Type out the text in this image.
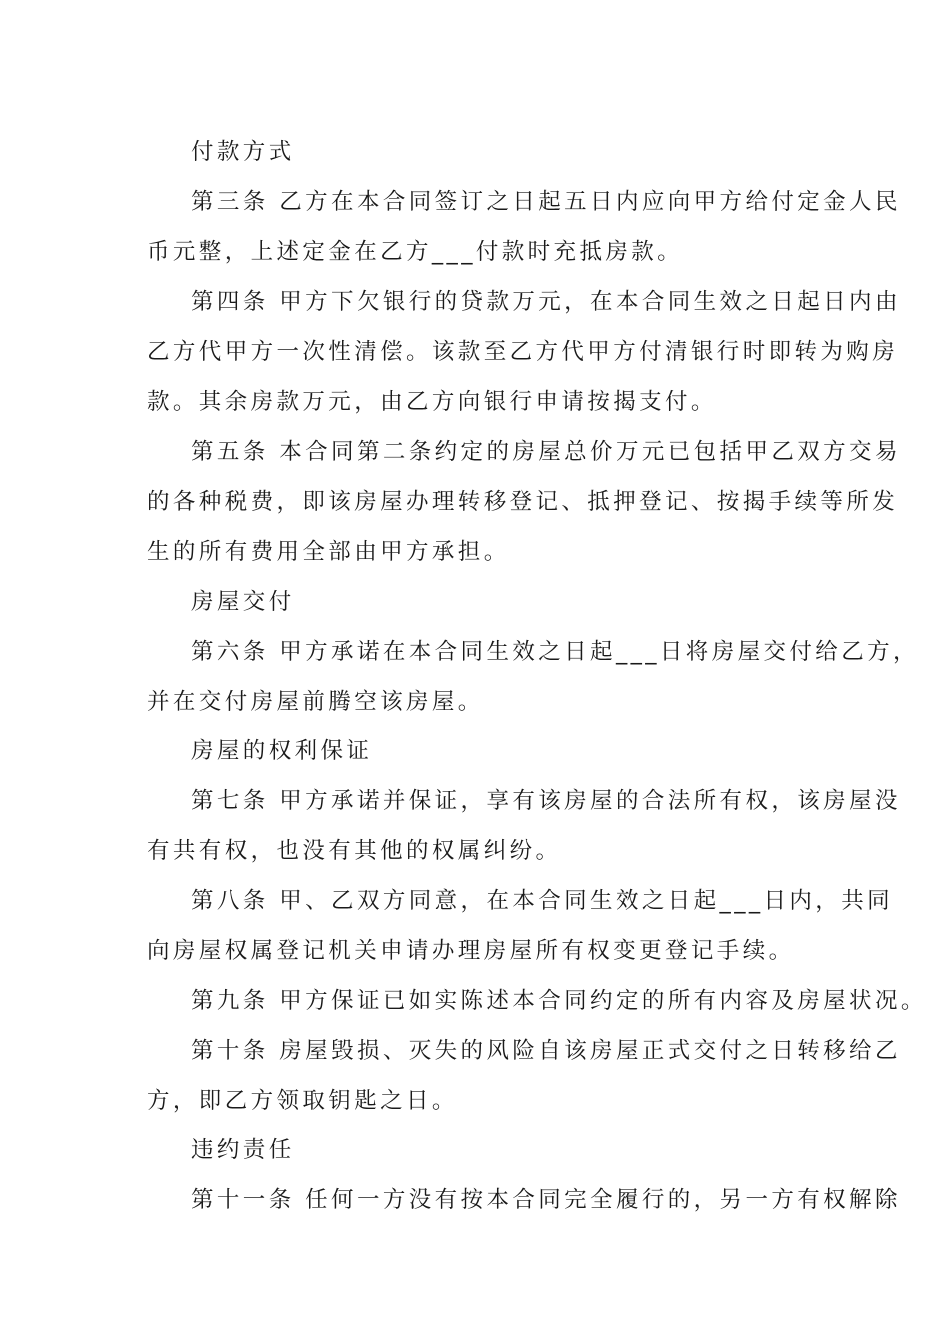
付款方式
第三条 乙方在本合同签订之日起五日内应向甲方给付定金人民
币元整，上述定金在乙方___付款时充抵房款。
第四条 甲方下欠银行的贷款万元，在本合同生效之日起日内由
乙方代甲方一次性清偿。该款至乙方代甲方付清银行时即转为购房
款。其余房款万元，由乙方向银行申请按揭支付。
第五条 本合同第二条约定的房屋总价万元已包括甲乙双方交易
的各种税费，即该房屋办理转移登记、抵押登记、按揭手续等所发
生的所有费用全部由甲方承担。
房屋交付
第六条 甲方承诺在本合同生效之日起___日将房屋交付给乙方，
并在交付房屋前腾空该房屋。
房屋的权利保证
第七条 甲方承诺并保证，享有该房屋的合法所有权，该房屋没
有共有权，也没有其他的权属纠纷。
第八条 甲、乙双方同意，在本合同生效之日起___日内，共同
向房屋权属登记机关申请办理房屋所有权变更登记手续。
第九条 甲方保证已如实陈述本合同约定的所有内容及房屋状况。
第十条 房屋毁损、灭失的风险自该房屋正式交付之日转移给乙
方，即乙方领取钥匙之日。
违约责任
第十一条 任何一方没有按本合同完全履行的，另一方有权解除
